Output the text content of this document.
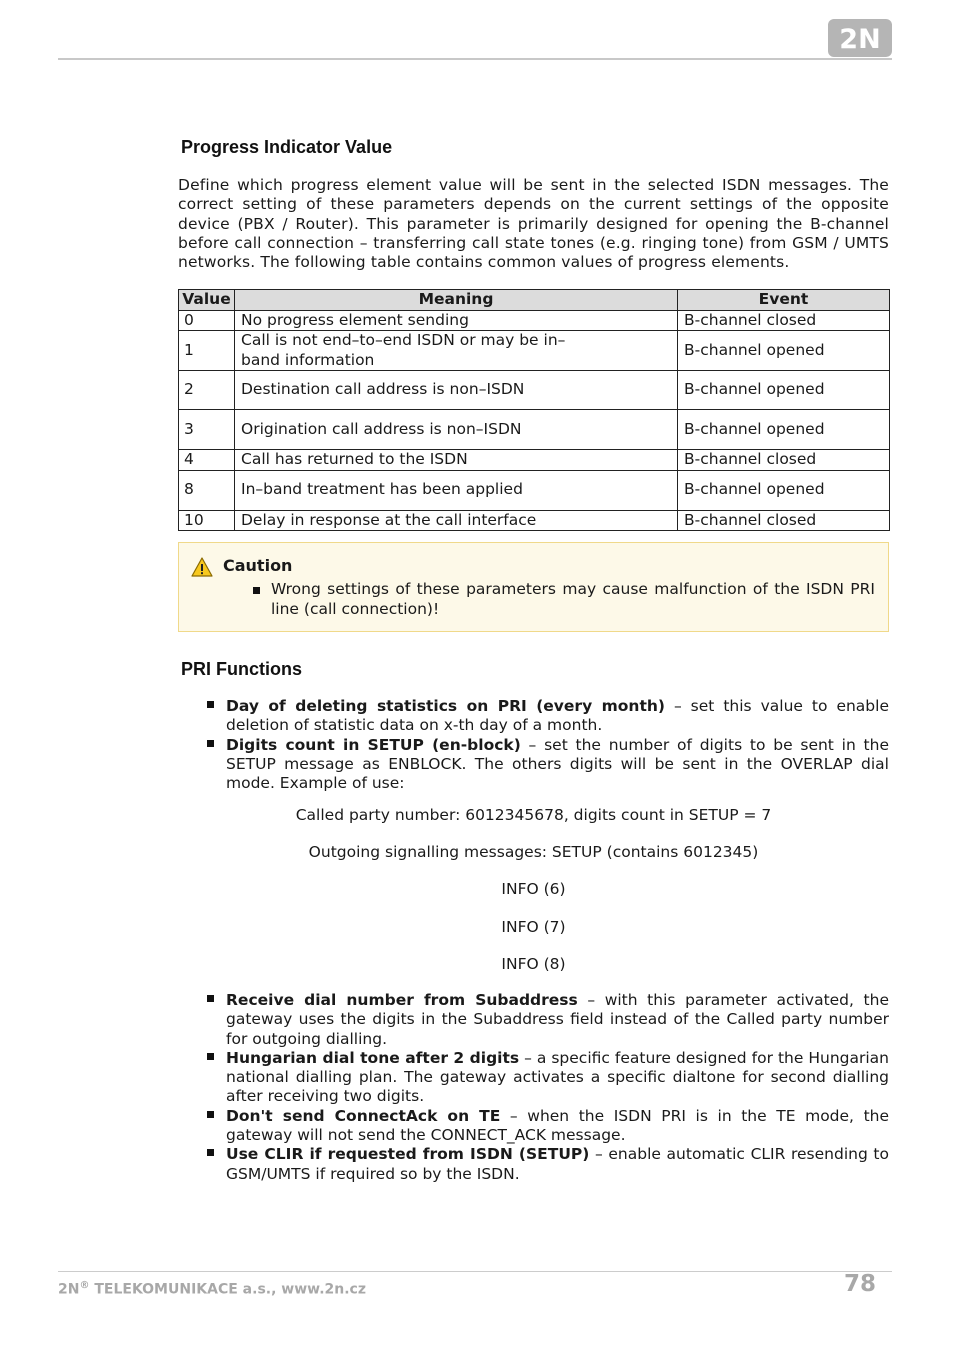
2N
Progress Indicator Value
Define which progress element value will be sent in the selected ISDN messages. The correct setting of these parameters depends on the current settings of the opposite device (PBX / Router). This parameter is primarily designed for opening the B-channel before call connection – transferring call state tones (e.g. ringing tone) from GSM / UMTS networks. The following table contains common values of progress elements.
Value	Meaning	Event
0	No progress element sending	B-channel closed
1	Call is not end–to–end ISDN or may be in–band information	B-channel opened
2	Destination call address is non–ISDN	B-channel opened
3	Origination call address is non–ISDN	B-channel opened
4	Call has returned to the ISDN	B-channel closed
8	In–band treatment has been applied	B-channel opened
10	Delay in response at the call interface	B-channel closed
Caution
Wrong settings of these parameters may cause malfunction of the ISDN PRI line (call connection)!
PRI Functions
Day of deleting statistics on PRI (every month) – set this value to enable deletion of statistic data on x-th day of a month.
Digits count in SETUP (en-block) – set the number of digits to be sent in the SETUP message as ENBLOCK. The others digits will be sent in the OVERLAP dial mode. Example of use:
Called party number: 6012345678, digits count in SETUP = 7
Outgoing signalling messages: SETUP (contains 6012345)
INFO (6)
INFO (7)
INFO (8)
Receive dial number from Subaddress – with this parameter activated, the gateway uses the digits in the Subaddress field instead of the Called party number for outgoing dialling.
Hungarian dial tone after 2 digits – a specific feature designed for the Hungarian national dialling plan. The gateway activates a specific dialtone for second dialling after receiving two digits.
Don't send ConnectAck on TE – when the ISDN PRI is in the TE mode, the gateway will not send the CONNECT_ACK message.
Use CLIR if requested from ISDN (SETUP) – enable automatic CLIR resending to GSM/UMTS if required so by the ISDN.
2N® TELEKOMUNIKACE a.s., www.2n.cz	78
